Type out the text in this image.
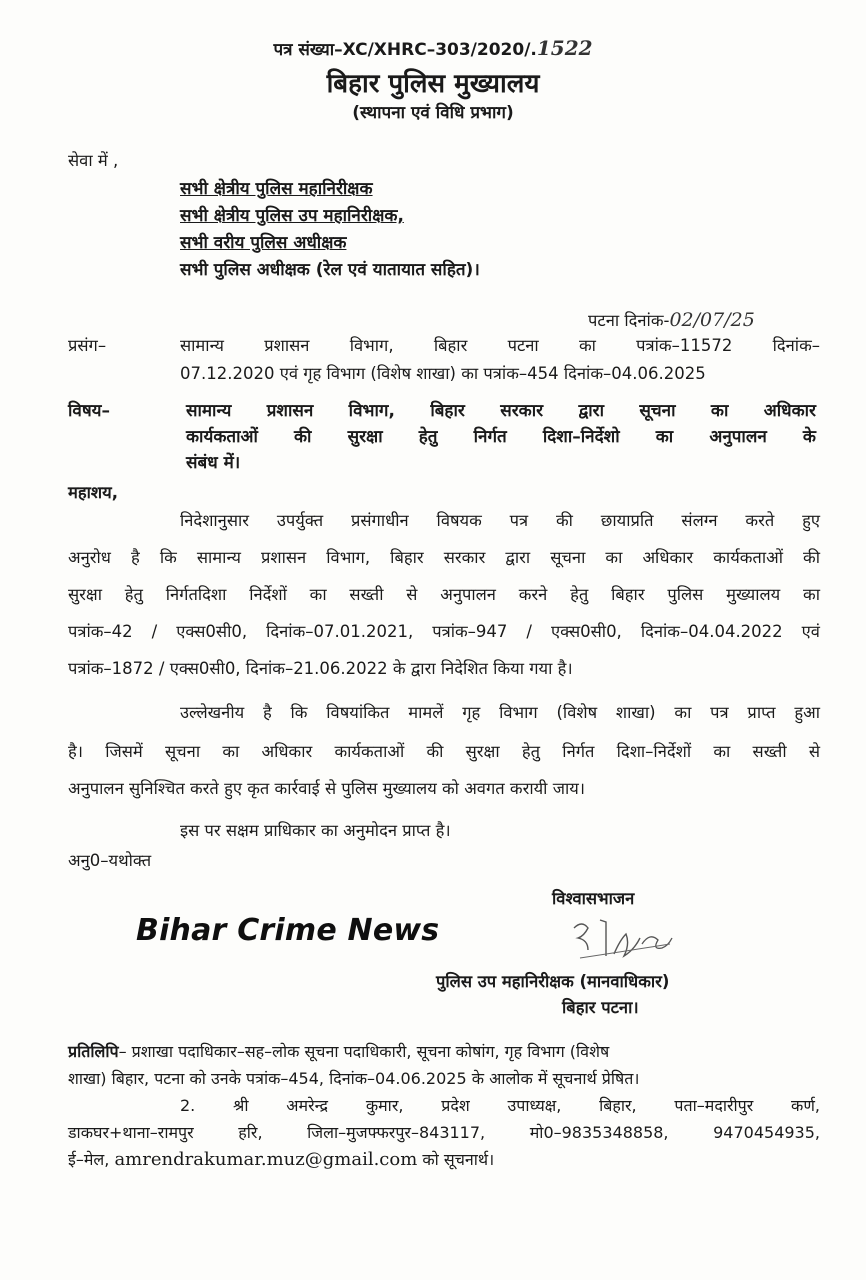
पत्र संख्या–XC/XHRC–303/2020/.1522
बिहार पुलिस मुख्यालय
(स्थापना एवं विधि प्रभाग)
सेवा में ,
सभी क्षेत्रीय पुलिस महानिरीक्षक
सभी क्षेत्रीय पुलिस उप महानिरीक्षक,
सभी वरीय पुलिस अधीक्षक
सभी पुलिस अधीक्षक (रेल एवं यातायात सहित)।
पटना दिनांक-02/07/25
प्रसंग–	सामान्य प्रशासन विभाग, बिहार पटना का पत्रांक–11572 दिनांक–
07.12.2020 एवं गृह विभाग (विशेष शाखा) का पत्रांक–454 दिनांक–04.06.2025
विषय–	सामान्य प्रशासन विभाग, बिहार सरकार द्वारा सूचना का अधिकार
कार्यकताओं की सुरक्षा हेतु निर्गत दिशा–निर्देशो का अनुपालन के
संबंध में।
महाशय,
निदेशानुसार उपर्युक्त प्रसंगाधीन विषयक पत्र की छायाप्रति संलग्न करते हुए
अनुरोध है कि सामान्य प्रशासन विभाग, बिहार सरकार द्वारा सूचना का अधिकार कार्यकताओं की
सुरक्षा हेतु निर्गतदिशा निर्देशों का सख्ती से अनुपालन करने हेतु बिहार पुलिस मुख्यालय का
पत्रांक–42 / एक्स0सी0, दिनांक–07.01.2021, पत्रांक–947 / एक्स0सी0, दिनांक–04.04.2022 एवं
पत्रांक–1872 / एक्स0सी0, दिनांक–21.06.2022 के द्वारा निदेशित किया गया है।
उल्लेखनीय है कि विषयांकित मामलें गृह विभाग (विशेष शाखा) का पत्र प्राप्त हुआ
है। जिसमें सूचना का अधिकार कार्यकताओं की सुरक्षा हेतु निर्गत दिशा–निर्देशों का सख्ती से
अनुपालन सुनिश्चित करते हुए कृत कार्रवाई से पुलिस मुख्यालय को अवगत करायी जाय।
इस पर सक्षम प्राधिकार का अनुमोदन प्राप्त है।
अनु0–यथोक्त
विश्वासभाजन
पुलिस उप महानिरीक्षक (मानवाधिकार)
बिहार पटना।
Bihar Crime News
प्रतिलिपि– प्रशाखा पदाधिकार–सह–लोक सूचना पदाधिकारी, सूचना कोषांग, गृह विभाग (विशेष
शाखा) बिहार, पटना को उनके पत्रांक–454, दिनांक–04.06.2025 के आलोक में सूचनार्थ प्रेषित।
2. श्री अमरेन्द्र कुमार, प्रदेश उपाध्यक्ष, बिहार, पता–मदारीपुर कर्ण,
डाकघर+थाना–रामपुर हरि, जिला–मुजफ्फरपुर–843117, मो0–9835348858, 9470454935,
ई–मेल, amrendrakumar.muz@gmail.com को सूचनार्थ।
